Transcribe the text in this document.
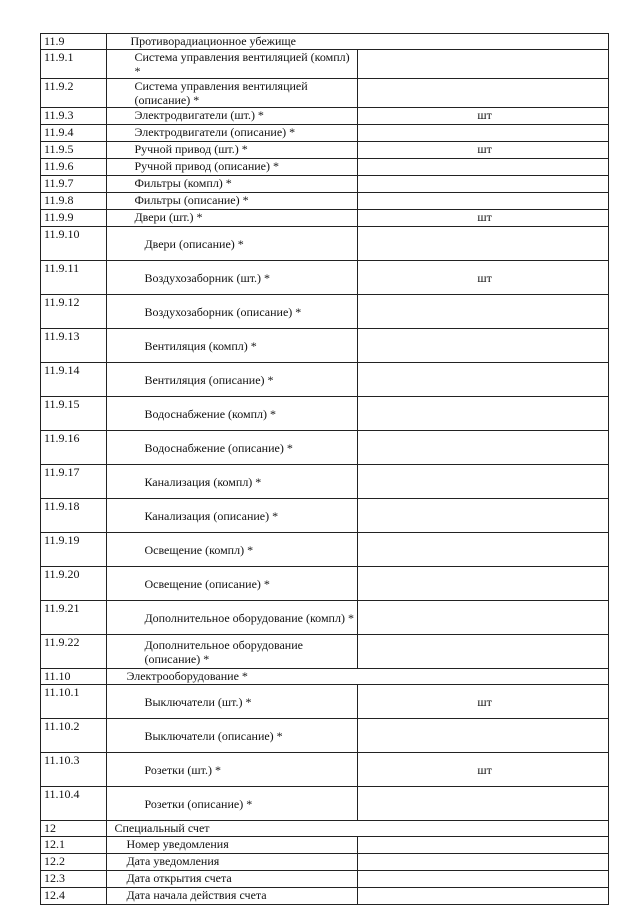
11.9	Противорадиационное убежище	

11.9.1	Система управления вентиляцией (компл) *	

11.9.2	Система управления вентиляцией (описание) *	

11.9.3	Электродвигатели (шт.) *	шт

11.9.4	Электродвигатели (описание) *	

11.9.5	Ручной привод (шт.) *	шт

11.9.6	Ручной привод (описание) *	

11.9.7	Фильтры (компл) *	

11.9.8	Фильтры (описание) *	

11.9.9	Двери (шт.) *	шт

11.9.10	Двери (описание) *	

11.9.11	Воздухозаборник (шт.) *	шт

11.9.12	Воздухозаборник (описание) *	

11.9.13	Вентиляция (компл) *	

11.9.14	Вентиляция (описание) *	

11.9.15	Водоснабжение (компл) *	

11.9.16	Водоснабжение (описание) *	

11.9.17	Канализация (компл) *	

11.9.18	Канализация (описание) *	

11.9.19	Освещение (компл) *	

11.9.20	Освещение (описание) *	

11.9.21	Дополнительное оборудование (компл) *	

11.9.22	Дополнительное оборудование (описание) *	

11.10	Электрооборудование *	

11.10.1	Выключатели (шт.) *	шт

11.10.2	Выключатели (описание) *	

11.10.3	Розетки (шт.) *	шт

11.10.4	Розетки (описание) *	

12	Специальный счет	

12.1	Номер уведомления	

12.2	Дата уведомления	

12.3	Дата открытия счета	

12.4	Дата начала действия счета	
